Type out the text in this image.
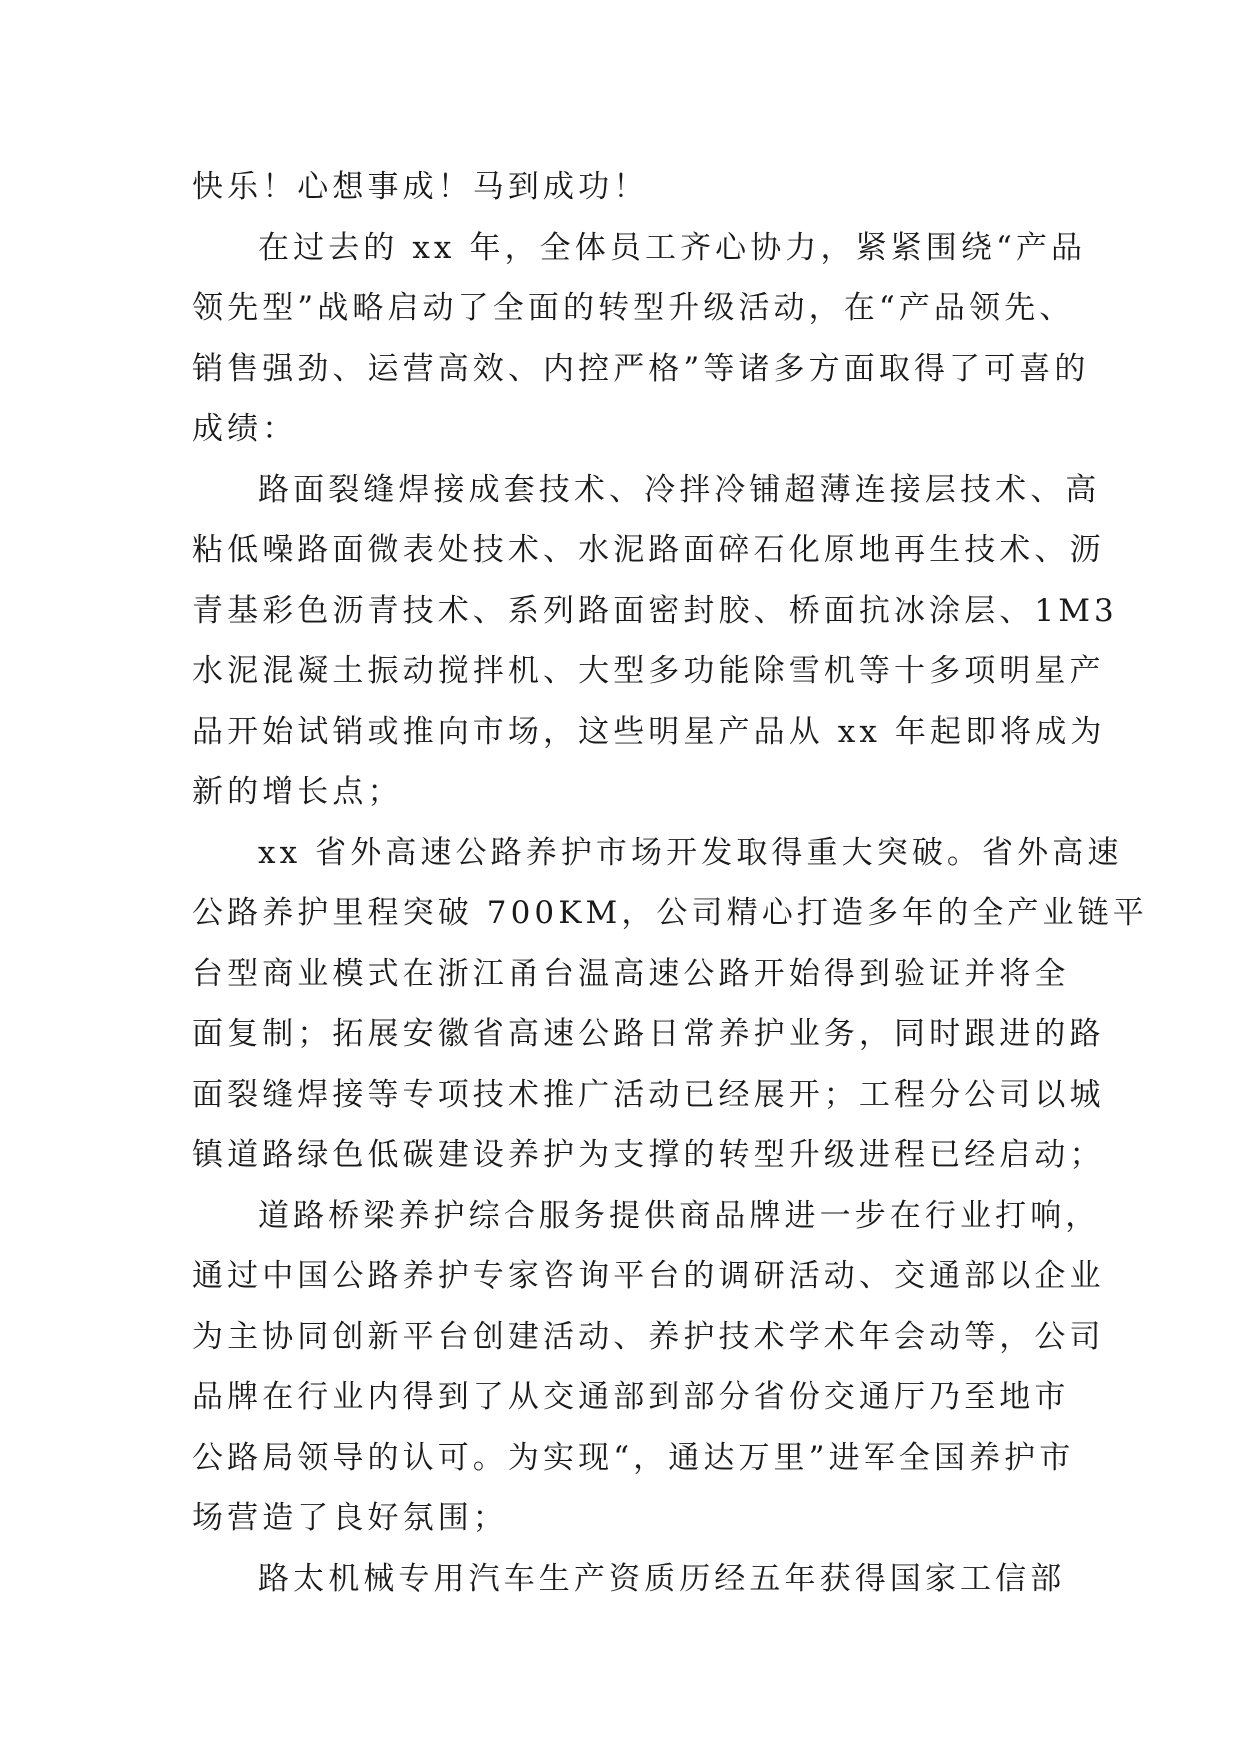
快乐！心想事成！马到成功！
在过去的 xx 年，全体员工齐心协力，紧紧围绕“产品
领先型”战略启动了全面的转型升级活动，在“产品领先、
销售强劲、运营高效、内控严格”等诸多方面取得了可喜的
成绩：
路面裂缝焊接成套技术、冷拌冷铺超薄连接层技术、高
粘低噪路面微表处技术、水泥路面碎石化原地再生技术、沥
青基彩色沥青技术、系列路面密封胶、桥面抗冰涂层、1M3
水泥混凝土振动搅拌机、大型多功能除雪机等十多项明星产
品开始试销或推向市场，这些明星产品从 xx 年起即将成为
新的增长点；
xx 省外高速公路养护市场开发取得重大突破。省外高速
公路养护里程突破 700KM，公司精心打造多年的全产业链平
台型商业模式在浙江甬台温高速公路开始得到验证并将全
面复制；拓展安徽省高速公路日常养护业务，同时跟进的路
面裂缝焊接等专项技术推广活动已经展开；工程分公司以城
镇道路绿色低碳建设养护为支撑的转型升级进程已经启动；
道路桥梁养护综合服务提供商品牌进一步在行业打响，
通过中国公路养护专家咨询平台的调研活动、交通部以企业
为主协同创新平台创建活动、养护技术学术年会动等，公司
品牌在行业内得到了从交通部到部分省份交通厅乃至地市
公路局领导的认可。为实现“，通达万里”进军全国养护市
场营造了良好氛围；
路太机械专用汽车生产资质历经五年获得国家工信部
